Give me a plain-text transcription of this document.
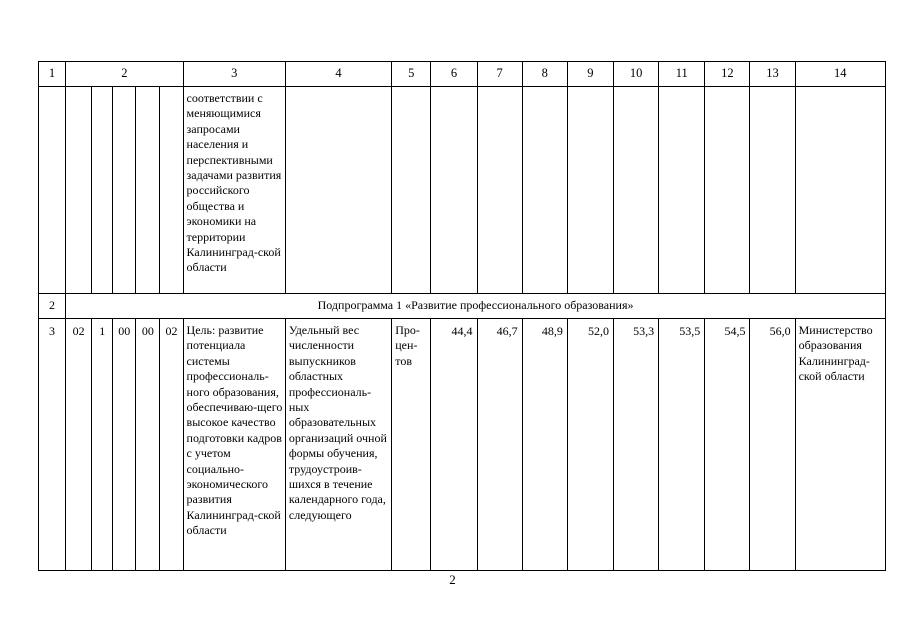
1	2					3	4	5	6	7	8	9	10	11	12	13	14
						соответствии с меняющимися запросами населения и перспективными задачами развития российского общества и экономики на территории Калининград-ской области											
2	Подпрограмма 1 «Развитие профессионального образования»																
3	02	1	00	00	02	Цель: развитие потенциала системы профессиональ-ного образования, обеспечиваю-щего высокое качество подготовки кадров с учетом социально-экономического развития Калининград-ской области	Удельный вес численности выпускников областных профессиональ-ных образовательных организаций очной формы обучения, трудоустроив-шихся в течение календарного года, следующего	Про-цен-тов	44,4	46,7	48,9	52,0	53,3	53,5	54,5	56,0	Министерство образования Калининград-ской области
2
